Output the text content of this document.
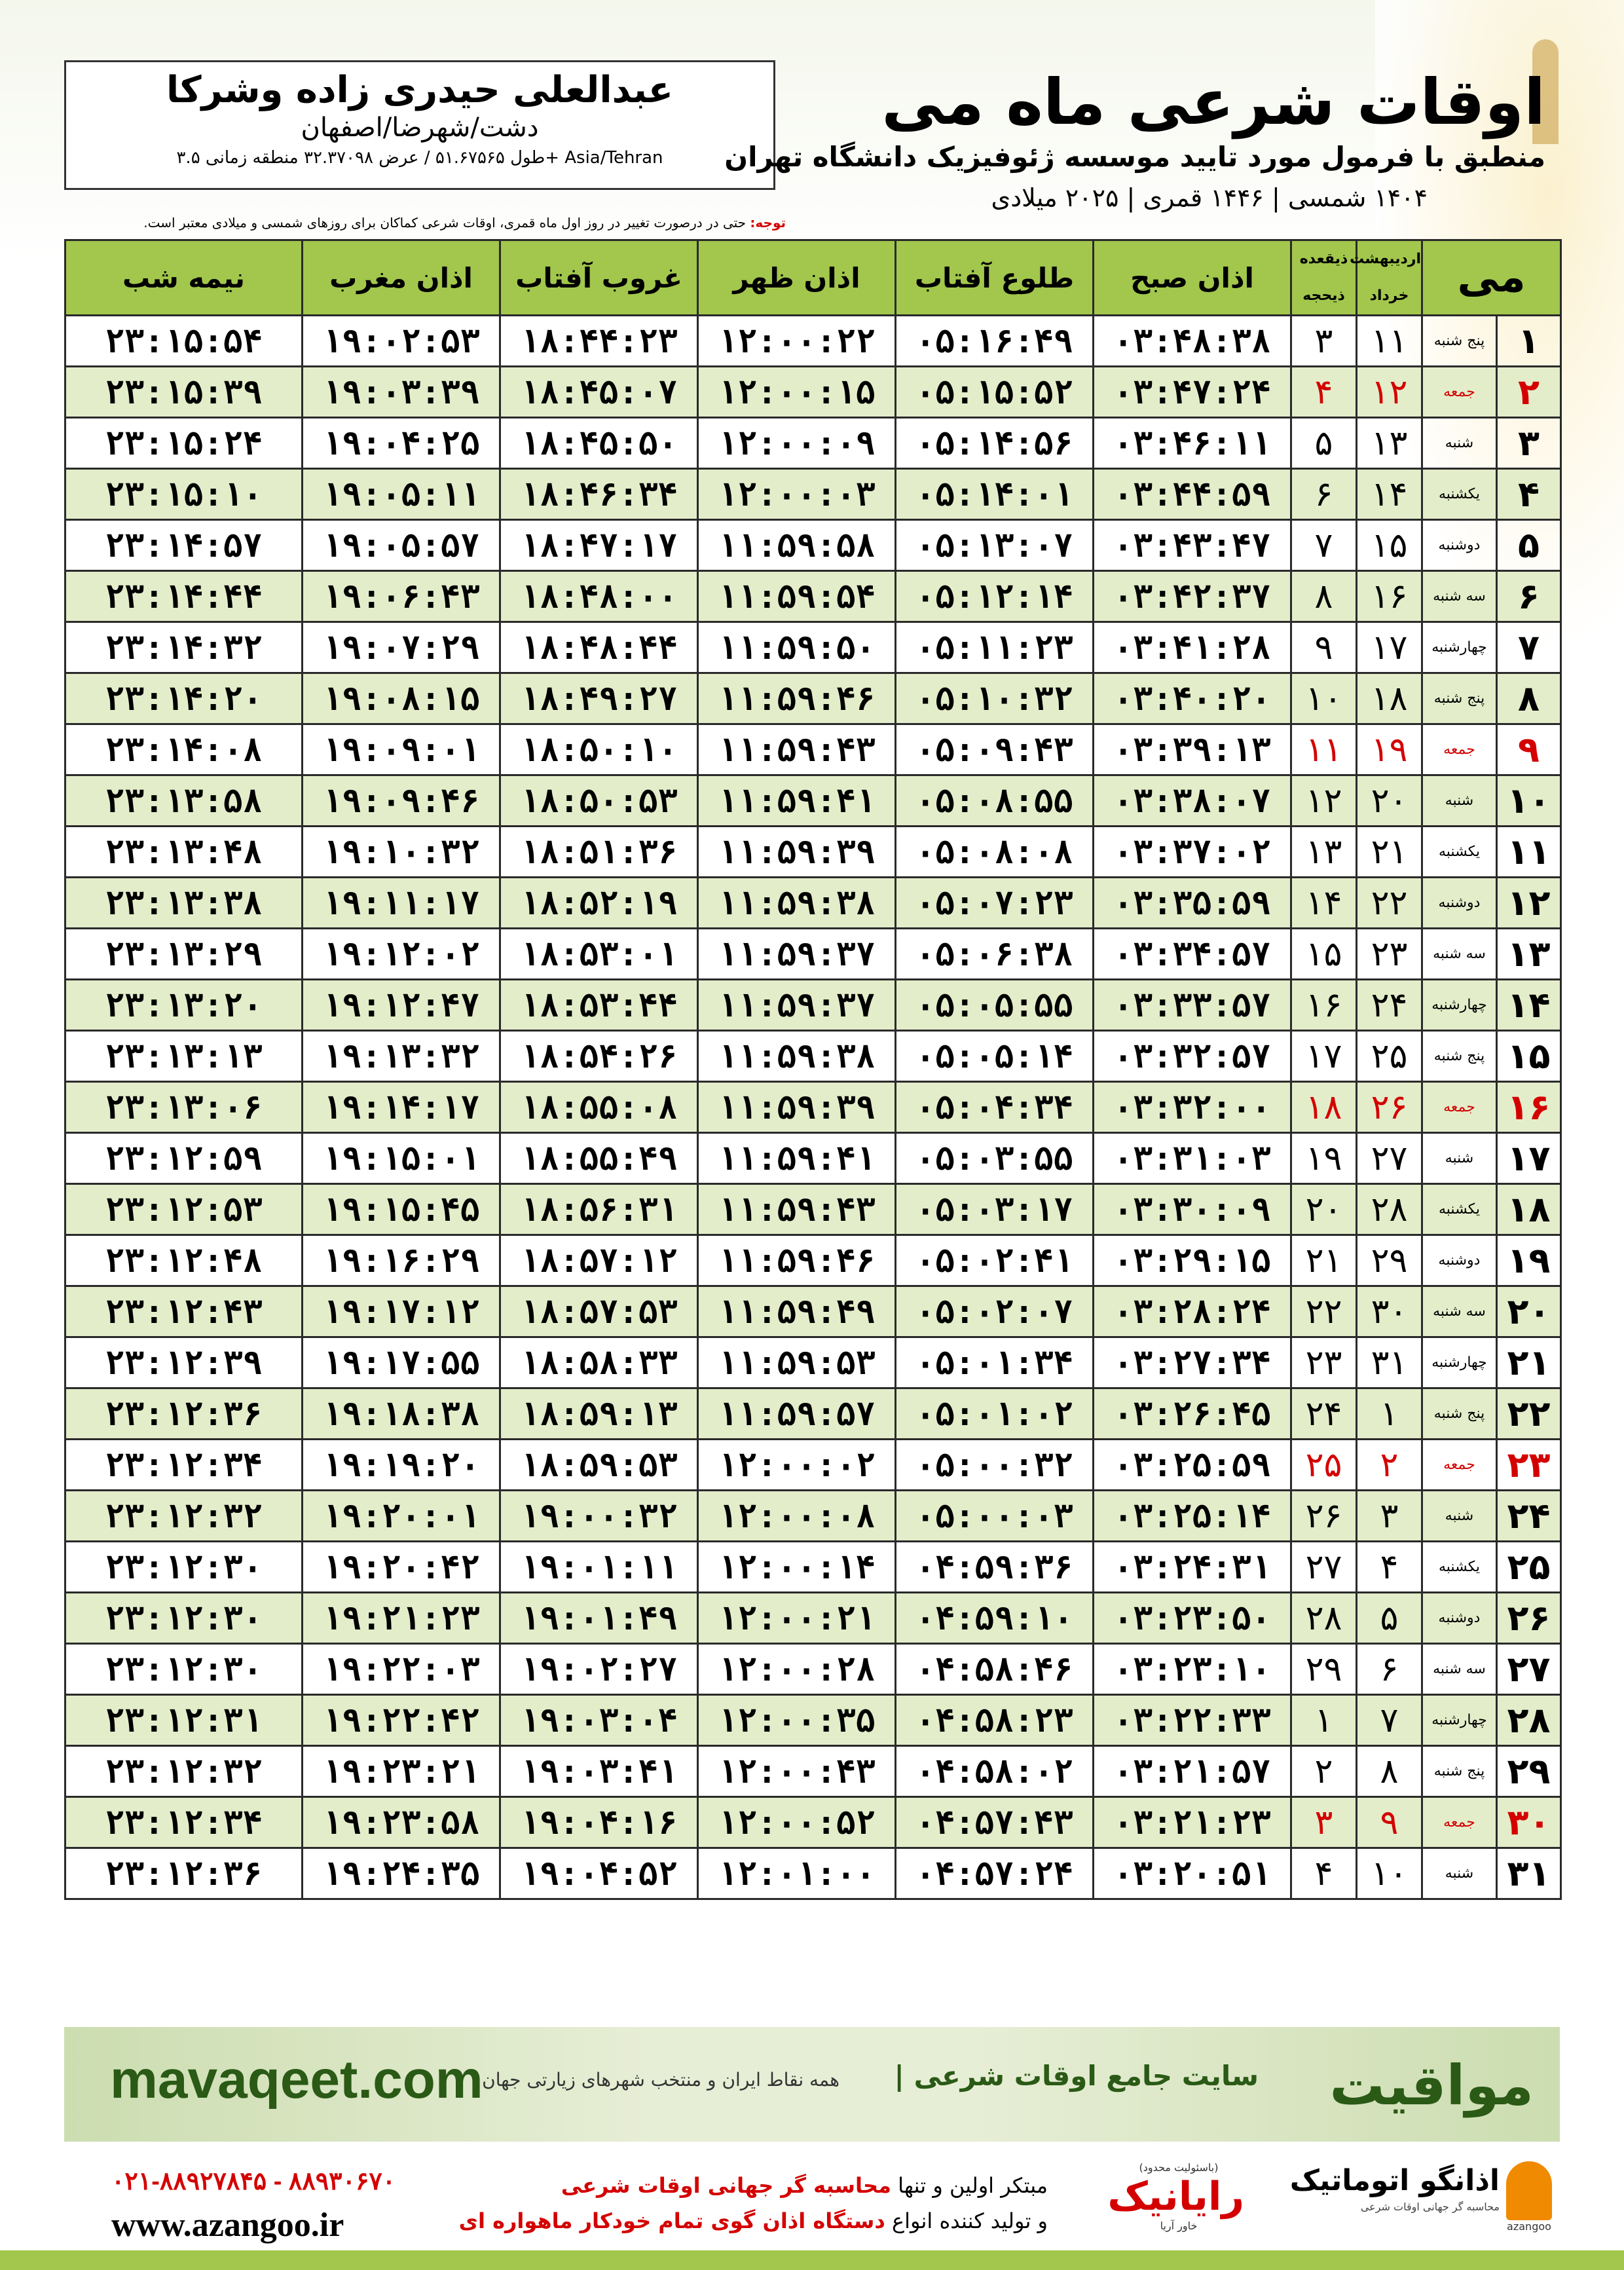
عبدالعلی حیدری زاده وشرکا
دشت/شهرضا/اصفهان
طول ۵۱.۶۷۵۶۵ / عرض ۳۲.۳۷۰۹۸ منطقه زمانی ۳.۵+ Asia/Tehran
اوقات شرعی ماه می
منطبق با فرمول مورد تایید موسسه ژئوفیزیک دانشگاه تهران
۱۴۰۴ شمسی | ۱۴۴۶ قمری | ۲۰۲۵ میلادی
توجه: حتی در درصورت تغییر در روز اول ماه قمری، اوقات شرعی کماکان برای روزهای شمسی و میلادی معتبر است.
می		اردیبهشت
خرداد	ذیقعده
ذیحجه	اذان صبح	طلوع آفتاب	اذان ظهر	غروب آفتاب	اذان مغرب	نیمه شب
۱	پنج شنبه	۱۱	۳	۰۳:۴۸:۳۸	۰۵:۱۶:۴۹	۱۲:۰۰:۲۲	۱۸:۴۴:۲۳	۱۹:۰۲:۵۳	۲۳:۱۵:۵۴
۲	جمعه	۱۲	۴	۰۳:۴۷:۲۴	۰۵:۱۵:۵۲	۱۲:۰۰:۱۵	۱۸:۴۵:۰۷	۱۹:۰۳:۳۹	۲۳:۱۵:۳۹
۳	شنبه	۱۳	۵	۰۳:۴۶:۱۱	۰۵:۱۴:۵۶	۱۲:۰۰:۰۹	۱۸:۴۵:۵۰	۱۹:۰۴:۲۵	۲۳:۱۵:۲۴
۴	یکشنبه	۱۴	۶	۰۳:۴۴:۵۹	۰۵:۱۴:۰۱	۱۲:۰۰:۰۳	۱۸:۴۶:۳۴	۱۹:۰۵:۱۱	۲۳:۱۵:۱۰
۵	دوشنبه	۱۵	۷	۰۳:۴۳:۴۷	۰۵:۱۳:۰۷	۱۱:۵۹:۵۸	۱۸:۴۷:۱۷	۱۹:۰۵:۵۷	۲۳:۱۴:۵۷
۶	سه شنبه	۱۶	۸	۰۳:۴۲:۳۷	۰۵:۱۲:۱۴	۱۱:۵۹:۵۴	۱۸:۴۸:۰۰	۱۹:۰۶:۴۳	۲۳:۱۴:۴۴
۷	چهارشنبه	۱۷	۹	۰۳:۴۱:۲۸	۰۵:۱۱:۲۳	۱۱:۵۹:۵۰	۱۸:۴۸:۴۴	۱۹:۰۷:۲۹	۲۳:۱۴:۳۲
۸	پنج شنبه	۱۸	۱۰	۰۳:۴۰:۲۰	۰۵:۱۰:۳۲	۱۱:۵۹:۴۶	۱۸:۴۹:۲۷	۱۹:۰۸:۱۵	۲۳:۱۴:۲۰
۹	جمعه	۱۹	۱۱	۰۳:۳۹:۱۳	۰۵:۰۹:۴۳	۱۱:۵۹:۴۳	۱۸:۵۰:۱۰	۱۹:۰۹:۰۱	۲۳:۱۴:۰۸
۱۰	شنبه	۲۰	۱۲	۰۳:۳۸:۰۷	۰۵:۰۸:۵۵	۱۱:۵۹:۴۱	۱۸:۵۰:۵۳	۱۹:۰۹:۴۶	۲۳:۱۳:۵۸
۱۱	یکشنبه	۲۱	۱۳	۰۳:۳۷:۰۲	۰۵:۰۸:۰۸	۱۱:۵۹:۳۹	۱۸:۵۱:۳۶	۱۹:۱۰:۳۲	۲۳:۱۳:۴۸
۱۲	دوشنبه	۲۲	۱۴	۰۳:۳۵:۵۹	۰۵:۰۷:۲۳	۱۱:۵۹:۳۸	۱۸:۵۲:۱۹	۱۹:۱۱:۱۷	۲۳:۱۳:۳۸
۱۳	سه شنبه	۲۳	۱۵	۰۳:۳۴:۵۷	۰۵:۰۶:۳۸	۱۱:۵۹:۳۷	۱۸:۵۳:۰۱	۱۹:۱۲:۰۲	۲۳:۱۳:۲۹
۱۴	چهارشنبه	۲۴	۱۶	۰۳:۳۳:۵۷	۰۵:۰۵:۵۵	۱۱:۵۹:۳۷	۱۸:۵۳:۴۴	۱۹:۱۲:۴۷	۲۳:۱۳:۲۰
۱۵	پنج شنبه	۲۵	۱۷	۰۳:۳۲:۵۷	۰۵:۰۵:۱۴	۱۱:۵۹:۳۸	۱۸:۵۴:۲۶	۱۹:۱۳:۳۲	۲۳:۱۳:۱۳
۱۶	جمعه	۲۶	۱۸	۰۳:۳۲:۰۰	۰۵:۰۴:۳۴	۱۱:۵۹:۳۹	۱۸:۵۵:۰۸	۱۹:۱۴:۱۷	۲۳:۱۳:۰۶
۱۷	شنبه	۲۷	۱۹	۰۳:۳۱:۰۳	۰۵:۰۳:۵۵	۱۱:۵۹:۴۱	۱۸:۵۵:۴۹	۱۹:۱۵:۰۱	۲۳:۱۲:۵۹
۱۸	یکشنبه	۲۸	۲۰	۰۳:۳۰:۰۹	۰۵:۰۳:۱۷	۱۱:۵۹:۴۳	۱۸:۵۶:۳۱	۱۹:۱۵:۴۵	۲۳:۱۲:۵۳
۱۹	دوشنبه	۲۹	۲۱	۰۳:۲۹:۱۵	۰۵:۰۲:۴۱	۱۱:۵۹:۴۶	۱۸:۵۷:۱۲	۱۹:۱۶:۲۹	۲۳:۱۲:۴۸
۲۰	سه شنبه	۳۰	۲۲	۰۳:۲۸:۲۴	۰۵:۰۲:۰۷	۱۱:۵۹:۴۹	۱۸:۵۷:۵۳	۱۹:۱۷:۱۲	۲۳:۱۲:۴۳
۲۱	چهارشنبه	۳۱	۲۳	۰۳:۲۷:۳۴	۰۵:۰۱:۳۴	۱۱:۵۹:۵۳	۱۸:۵۸:۳۳	۱۹:۱۷:۵۵	۲۳:۱۲:۳۹
۲۲	پنج شنبه	۱	۲۴	۰۳:۲۶:۴۵	۰۵:۰۱:۰۲	۱۱:۵۹:۵۷	۱۸:۵۹:۱۳	۱۹:۱۸:۳۸	۲۳:۱۲:۳۶
۲۳	جمعه	۲	۲۵	۰۳:۲۵:۵۹	۰۵:۰۰:۳۲	۱۲:۰۰:۰۲	۱۸:۵۹:۵۳	۱۹:۱۹:۲۰	۲۳:۱۲:۳۴
۲۴	شنبه	۳	۲۶	۰۳:۲۵:۱۴	۰۵:۰۰:۰۳	۱۲:۰۰:۰۸	۱۹:۰۰:۳۲	۱۹:۲۰:۰۱	۲۳:۱۲:۳۲
۲۵	یکشنبه	۴	۲۷	۰۳:۲۴:۳۱	۰۴:۵۹:۳۶	۱۲:۰۰:۱۴	۱۹:۰۱:۱۱	۱۹:۲۰:۴۲	۲۳:۱۲:۳۰
۲۶	دوشنبه	۵	۲۸	۰۳:۲۳:۵۰	۰۴:۵۹:۱۰	۱۲:۰۰:۲۱	۱۹:۰۱:۴۹	۱۹:۲۱:۲۳	۲۳:۱۲:۳۰
۲۷	سه شنبه	۶	۲۹	۰۳:۲۳:۱۰	۰۴:۵۸:۴۶	۱۲:۰۰:۲۸	۱۹:۰۲:۲۷	۱۹:۲۲:۰۳	۲۳:۱۲:۳۰
۲۸	چهارشنبه	۷	۱	۰۳:۲۲:۳۳	۰۴:۵۸:۲۳	۱۲:۰۰:۳۵	۱۹:۰۳:۰۴	۱۹:۲۲:۴۲	۲۳:۱۲:۳۱
۲۹	پنج شنبه	۸	۲	۰۳:۲۱:۵۷	۰۴:۵۸:۰۲	۱۲:۰۰:۴۳	۱۹:۰۳:۴۱	۱۹:۲۳:۲۱	۲۳:۱۲:۳۲
۳۰	جمعه	۹	۳	۰۳:۲۱:۲۳	۰۴:۵۷:۴۳	۱۲:۰۰:۵۲	۱۹:۰۴:۱۶	۱۹:۲۳:۵۸	۲۳:۱۲:۳۴
۳۱	شنبه	۱۰	۴	۰۳:۲۰:۵۱	۰۴:۵۷:۲۴	۱۲:۰۱:۰۰	۱۹:۰۴:۵۲	۱۹:۲۴:۳۵	۲۳:۱۲:۳۶
mavaqeet.com
همه نقاط ایران و منتخب شهرهای زیارتی جهان	سایت جامع اوقات شرعی |	مواقیت
۰۲۱-۸۸۹۲۷۸۴۵ - ۸۸۹۳۰۶۷۰
www.azangoo.ir
مبتکر اولین و تنها محاسبه گر جهانی اوقات شرعی
و تولید کننده انواع دستگاه اذان گوی تمام خودکار ماهواره ای
(باسئولیت محدود)
رایانیک خاور آریا	azangoo
اذانگو اتوماتیک
محاسبه گر جهانی اوقات شرعی
